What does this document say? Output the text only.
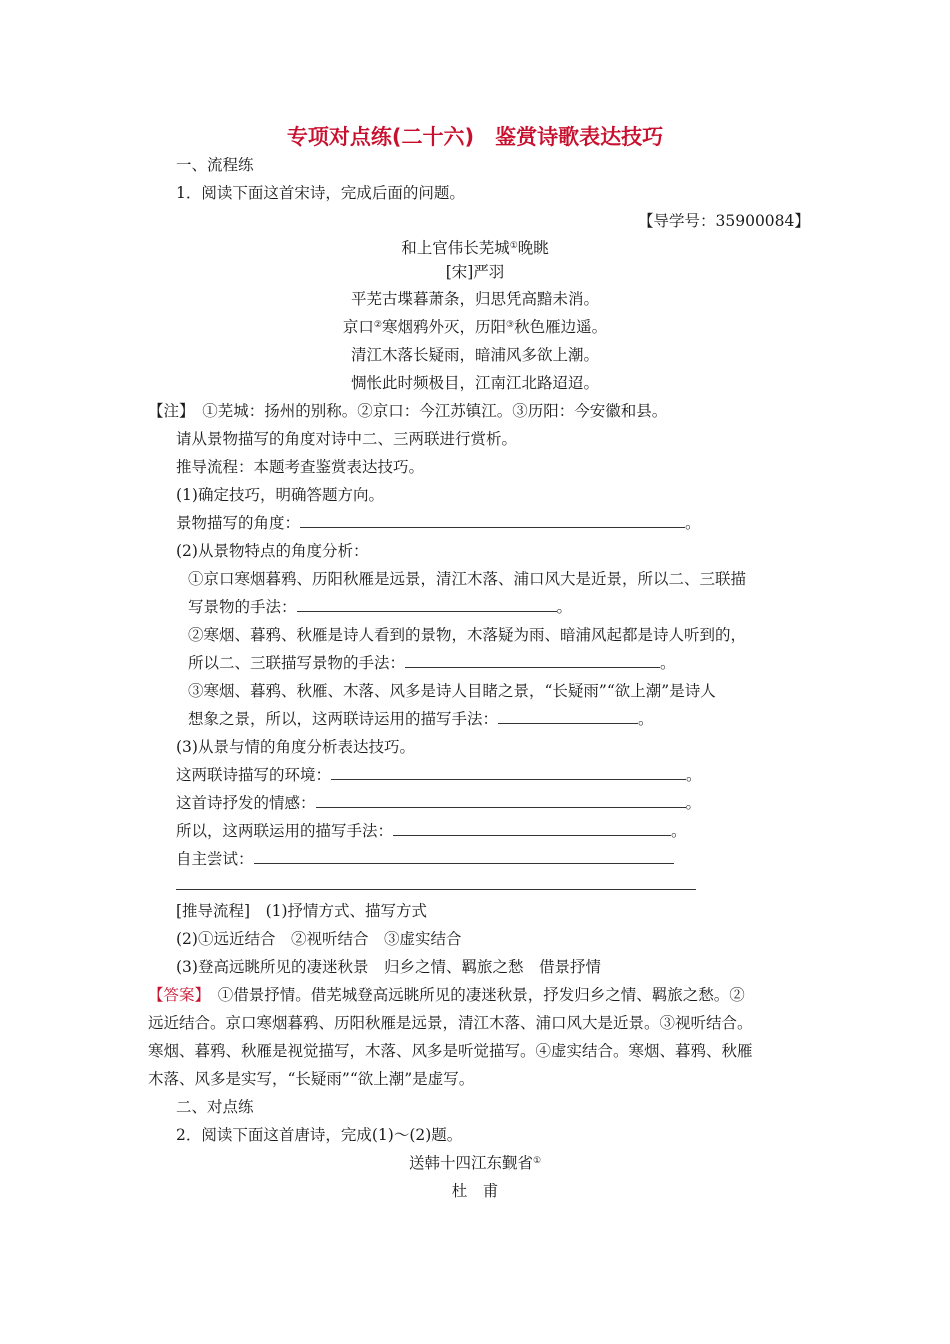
专项对点练(二十六)　鉴赏诗歌表达技巧
一、流程练
1．阅读下面这首宋诗，完成后面的问题。
【导学号：35900084】
和上官伟长芜城①晚眺
[宋]严羽
平芜古堞暮萧条，归思凭高黯未消。
京口②寒烟鸦外灭，历阳③秋色雁边遥。
清江木落长疑雨，暗浦风多欲上潮。
惆怅此时频极目，江南江北路迢迢。
【注】　 ①芜城：扬州的别称。②京口：今江苏镇江。③历阳：今安徽和县。
请从景物描写的角度对诗中二、三两联进行赏析。
推导流程：本题考查鉴赏表达技巧。
(1)确定技巧，明确答题方向。
景物描写的角度：	。
(2)从景物特点的角度分析：
①京口寒烟暮鸦、历阳秋雁是远景，清江木落、浦口风大是近景，所以二、三联描
写景物的手法：	。
②寒烟、暮鸦、秋雁是诗人看到的景物，木落疑为雨、暗浦风起都是诗人听到的，
所以二、三联描写景物的手法：	。
③寒烟、暮鸦、秋雁、木落、风多是诗人目睹之景，“长疑雨”“欲上潮”是诗人
想象之景，所以，这两联诗运用的描写手法：	。
(3)从景与情的角度分析表达技巧。
这两联诗描写的环境：	。
这首诗抒发的情感：	。
所以，这两联运用的描写手法：	。
自主尝试：
[推导流程]　(1)抒情方式、描写方式
(2)①远近结合　②视听结合　③虚实结合
(3)登高远眺所见的凄迷秋景　归乡之情、羁旅之愁　借景抒情
【答案】　 ①借景抒情。借芜城登高远眺所见的凄迷秋景，抒发归乡之情、羁旅之愁。②
远近结合。京口寒烟暮鸦、历阳秋雁是远景，清江木落、浦口风大是近景。③视听结合。
寒烟、暮鸦、秋雁是视觉描写，木落、风多是听觉描写。④虚实结合。寒烟、暮鸦、秋雁
木落、风多是实写，“长疑雨”“欲上潮”是虚写。
二、对点练
2．阅读下面这首唐诗，完成(1)～(2)题。
送韩十四江东觐省①
杜　甫
